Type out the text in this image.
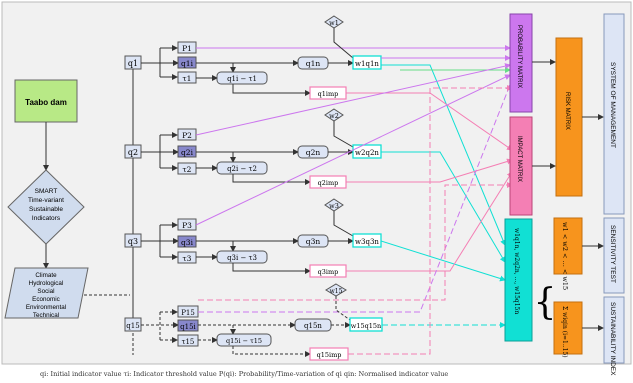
Taabo dam
SMART
Time-variant
Sustainable
Indicators
Climate
Hydrological
Social
Economic
Environmental
Technical
q1
P1
q1i
τ1	q1i − τ1
q1n
w1
w1q1n
q1imp
q2
P2
q2i
τ2	q2i − τ2
q2n
w2
w2q2n
q2imp
q3
P3
q3i
τ3	q3i − τ3
q3n
w3
w3q3n
q3imp
q15
P15
q15i
τ15	q15i − τ15
q15n
w15
w15q15n
q15imp
PROBABILITY MATRIX
IMPACT MATRIX
w1q1n, w2q2n, ..., w15q15n
RISK MATRIX
w1 < w2 < ... < w15
Σ wiqin (i=1..15)
{
SYSTEM OF MANAGEMENT
SENSITIVITY TEST
SUSTAINABILITY INDEX
qi: Initial indicator value τi: Indicator threshold value P(qi): Probability/Time-variation of qi qin: Normalised indicator value
